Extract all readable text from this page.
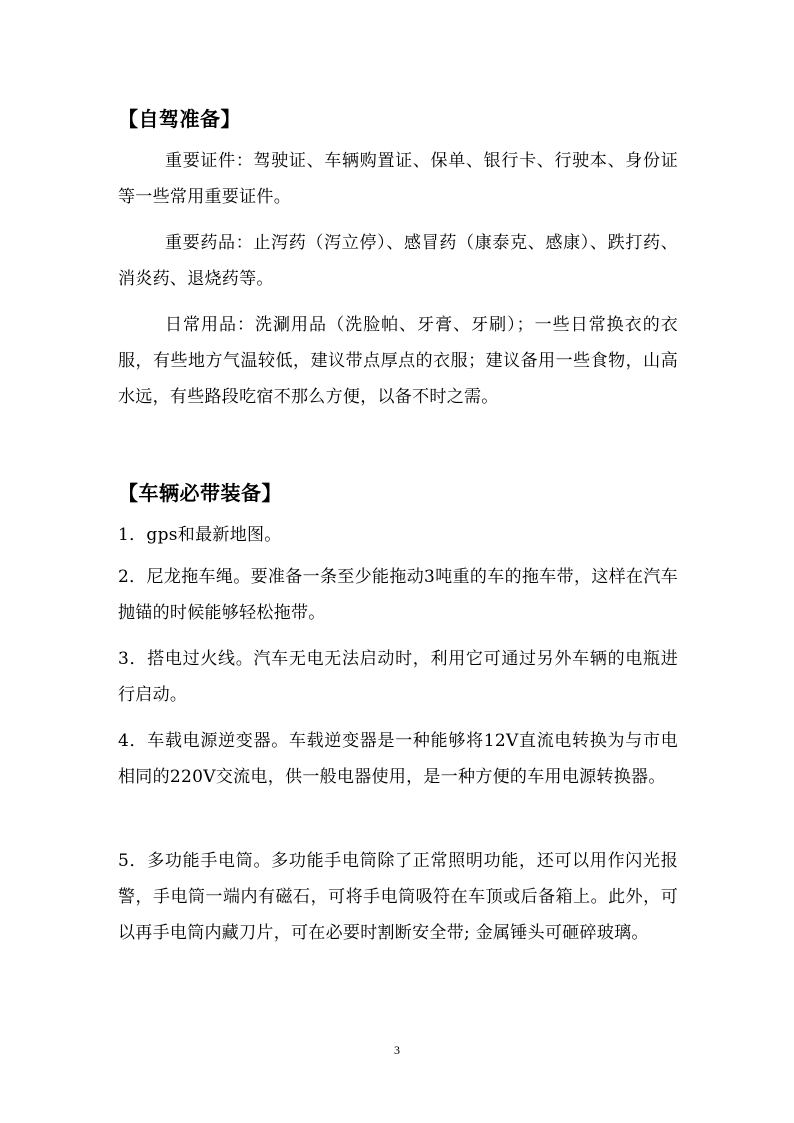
【自驾准备】
重要证件：驾驶证、车辆购置证、保单、银行卡、行驶本、身份证等一些常用重要证件。
重要药品：止泻药（泻立停）、感冒药（康泰克、感康）、跌打药、消炎药、退烧药等。
日常用品：洗涮用品（洗脸帕、牙膏、牙刷）；一些日常换衣的衣服，有些地方气温较低，建议带点厚点的衣服；建议备用一些食物，山高水远，有些路段吃宿不那么方便，以备不时之需。
【车辆必带装备】
1．gps和最新地图。
2．尼龙拖车绳。要准备一条至少能拖动3吨重的车的拖车带，这样在汽车抛锚的时候能够轻松拖带。
3．搭电过火线。汽车无电无法启动时，利用它可通过另外车辆的电瓶进行启动。
4．车载电源逆变器。车载逆变器是一种能够将12V直流电转换为与市电相同的220V交流电，供一般电器使用，是一种方便的车用电源转换器。
5．多功能手电筒。多功能手电筒除了正常照明功能，还可以用作闪光报警，手电筒一端内有磁石，可将手电筒吸符在车顶或后备箱上。此外，可以再手电筒内藏刀片，可在必要时割断安全带; 金属锤头可砸碎玻璃。
3
